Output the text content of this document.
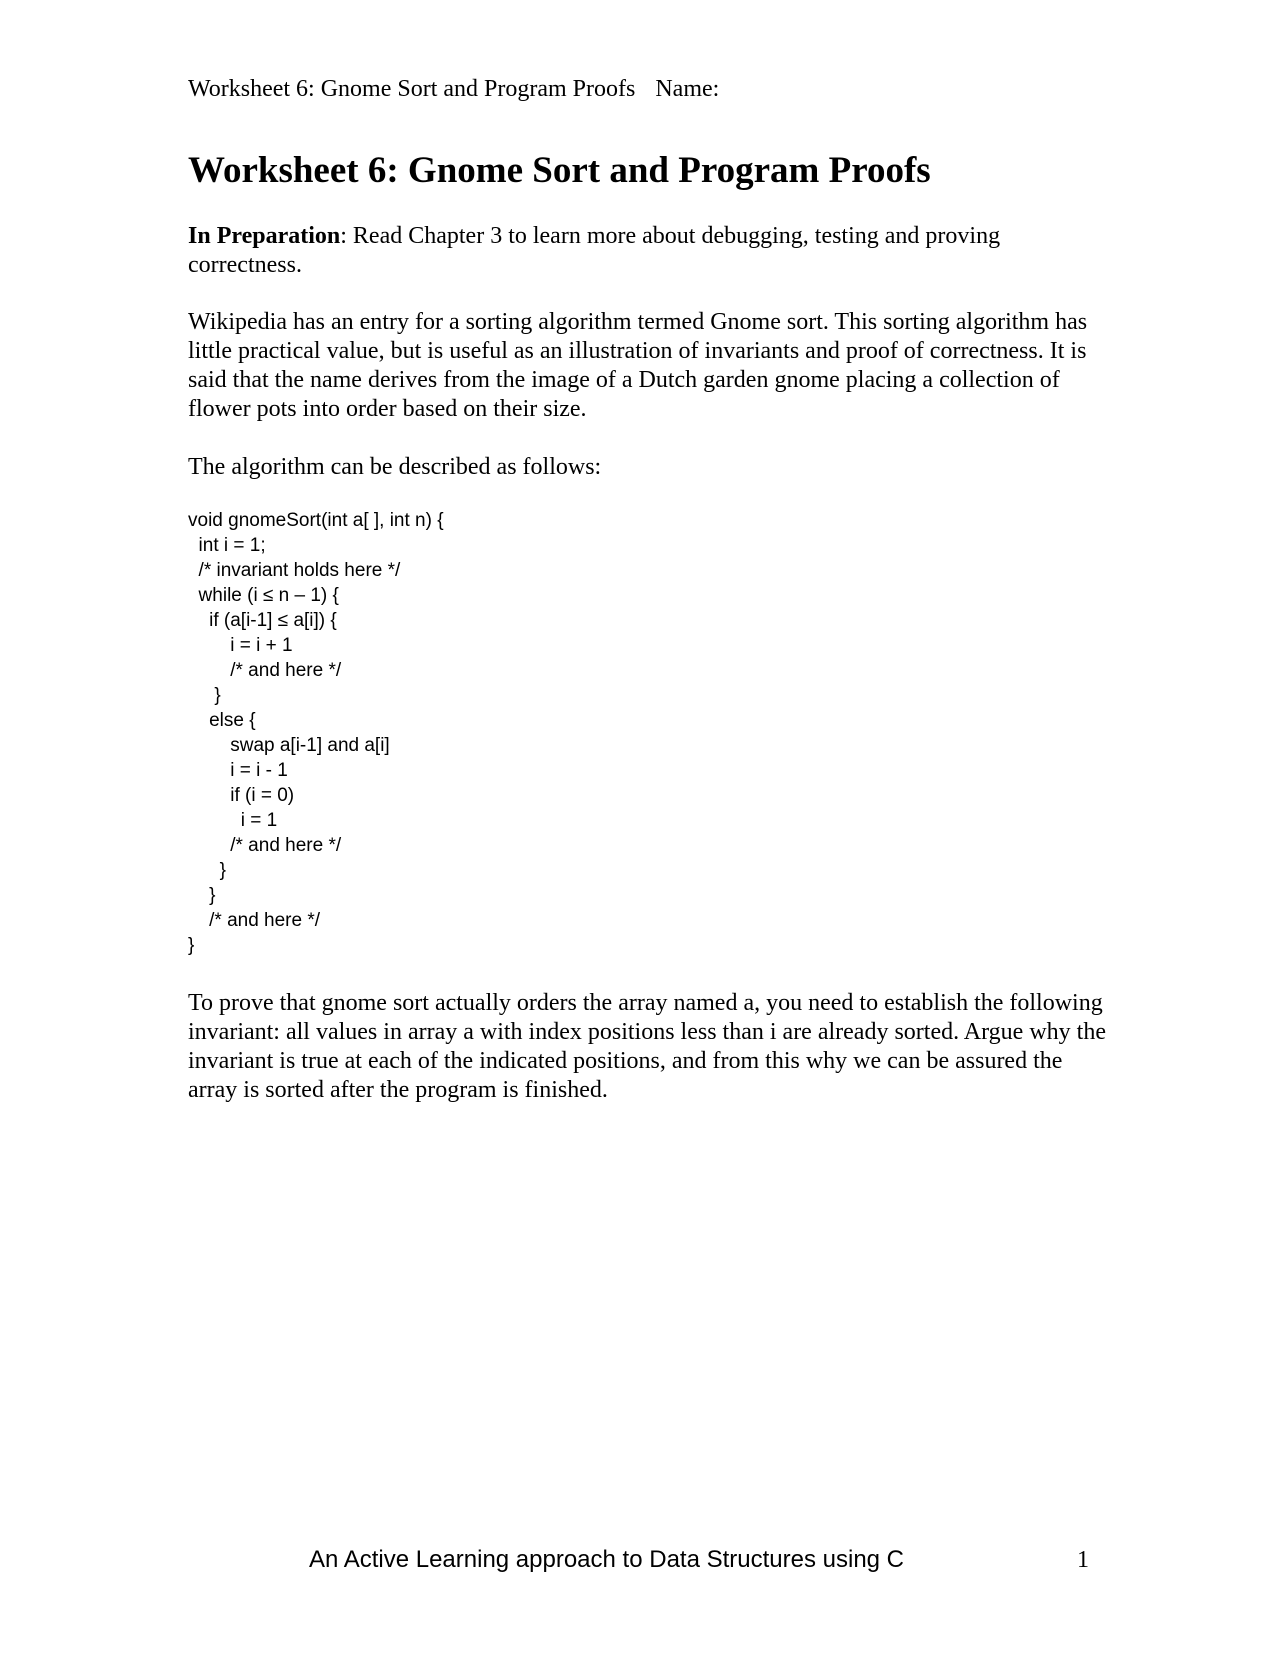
Worksheet 6: Gnome Sort and Program Proofs Name:
Worksheet 6: Gnome Sort and Program Proofs

In Preparation: Read Chapter 3 to learn more about debugging, testing and proving correctness.

Wikipedia has an entry for a sorting algorithm termed Gnome sort. This sorting algorithm has little practical value, but is useful as an illustration of invariants and proof of correctness. It is said that the name derives from the image of a Dutch garden gnome placing a collection of flower pots into order based on their size.

The algorithm can be described as follows:

void gnomeSort(int a[ ], int n) {
int i = 1;
/* invariant holds here */
while (i ≤ n – 1) {
if (a[i-1] ≤ a[i]) {
i = i + 1
/* and here */
}
else {
swap a[i-1] and a[i]
i = i - 1
if (i = 0)
i = 1
/* and here */
}
}
/* and here */
}

To prove that gnome sort actually orders the array named a, you need to establish the following invariant: all values in array a with index positions less than i are already sorted. Argue why the invariant is true at each of the indicated positions, and from this why we can be assured the array is sorted after the program is finished.

An Active Learning approach to Data Structures using C	1
